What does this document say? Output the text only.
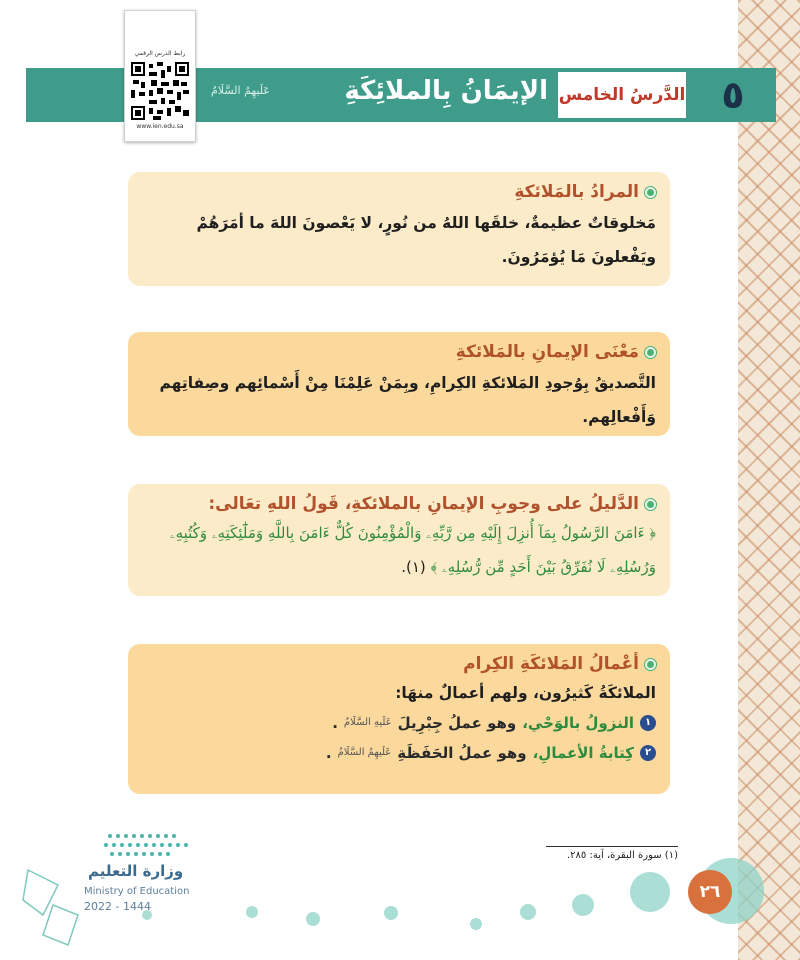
٥
الدَّرسُ الخامس
الإيمَانُ بِالملائِكَةِ
عَلَيهِمُ السَّلَامُ
رابط الدرس الرقمي
www.ien.edu.sa
المرادُ بالمَلائكةِ
مَخلوقاتٌ عظيمةٌ، خلقَها اللهُ من نُورٍ، لا يَعْصونَ اللهَ ما أمَرَهُمْ ويَفْعلونَ مَا يُؤمَرُونَ.
مَعْنَى الإيمانِ بالمَلائكةِ
التَّصديقُ بِوُجودِ المَلائكةِ الكِرامِ، وبِمَنْ عَلِمْنَا مِنْ أَسْمائِهم وصِفاتِهم وَأَفْعالِهم.
الدَّليلُ على وجوبِ الإيمانِ بالملائكةِ، قَولُ اللهِ تعَالى:
﴿ ءَامَنَ الرَّسُولُ بِمَآ أُنزِلَ إِلَيْهِ مِن رَّبِّهِۦ وَالْمُؤْمِنُونَ كُلٌّ ءَامَنَ بِاللَّهِ وَمَلَٰٓئِكَتِهِۦ وَكُتُبِهِۦ وَرُسُلِهِۦ لَا نُفَرِّقُ بَيْنَ أَحَدٍ مِّن رُّسُلِهِۦ ﴾ (١).
أعْمالُ المَلائكَةِ الكِرام
الملائكَةُ كَثيرُون، ولهم أعمالٌ منهَا:
١
النزولُ بالوَحْي،
وهو عملُ جِبْرِيلَ
عَلَيهِ السَّلَامُ
.
٢
كِتابةُ الأعمالِ،
وهو عملُ الحَفَظَةِ
عَلَيهِمُ السَّلَامُ
.
(١) سورة البقرة، آية: ٢٨٥.
٢٦
وزارة التعليم
Ministry of Education
2022 - 1444
